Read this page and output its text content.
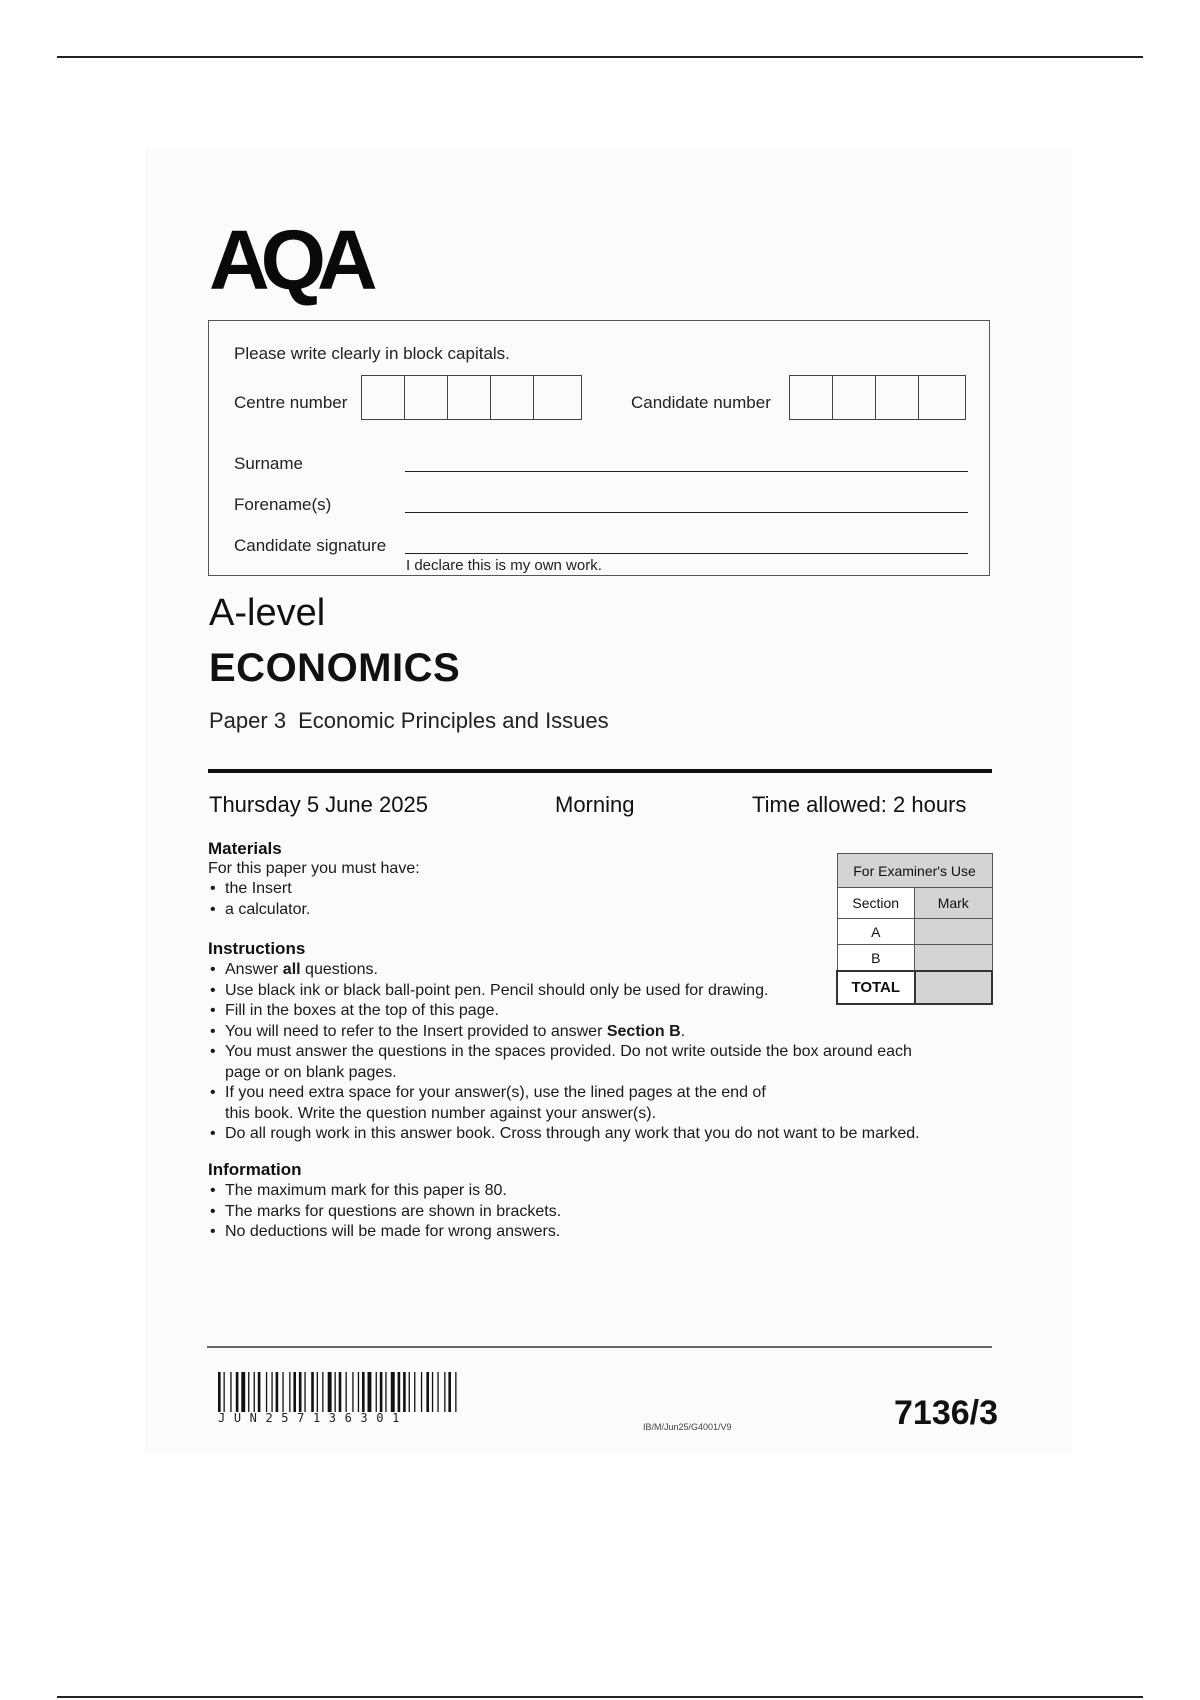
AQA
Please write clearly in block capitals.
Centre number	Candidate number
Surname
Forename(s)
Candidate signature
I declare this is my own work.
A-level
ECONOMICS
Paper 3 Economic Principles and Issues
Thursday 5 June 2025	Morning	Time allowed: 2 hours
Materials
For this paper you must have:
• the Insert
• a calculator.
Instructions
• Answer all questions.
• Use black ink or black ball-point pen. Pencil should only be used for drawing.
• Fill in the boxes at the top of this page.
• You will need to refer to the Insert provided to answer Section B.
• You must answer the questions in the spaces provided. Do not write outside the box around each
page or on blank pages.
• If you need extra space for your answer(s), use the lined pages at the end of
this book. Write the question number against your answer(s).
• Do all rough work in this answer book. Cross through any work that you do not want to be marked.
Information
• The maximum mark for this paper is 80.
• The marks for questions are shown in brackets.
• No deductions will be made for wrong answers.
For Examiner's Use	
Section	Mark
A	
B	
TOTAL	
JUN257136301
IB/M/Jun25/G4001/V9	7136/3
